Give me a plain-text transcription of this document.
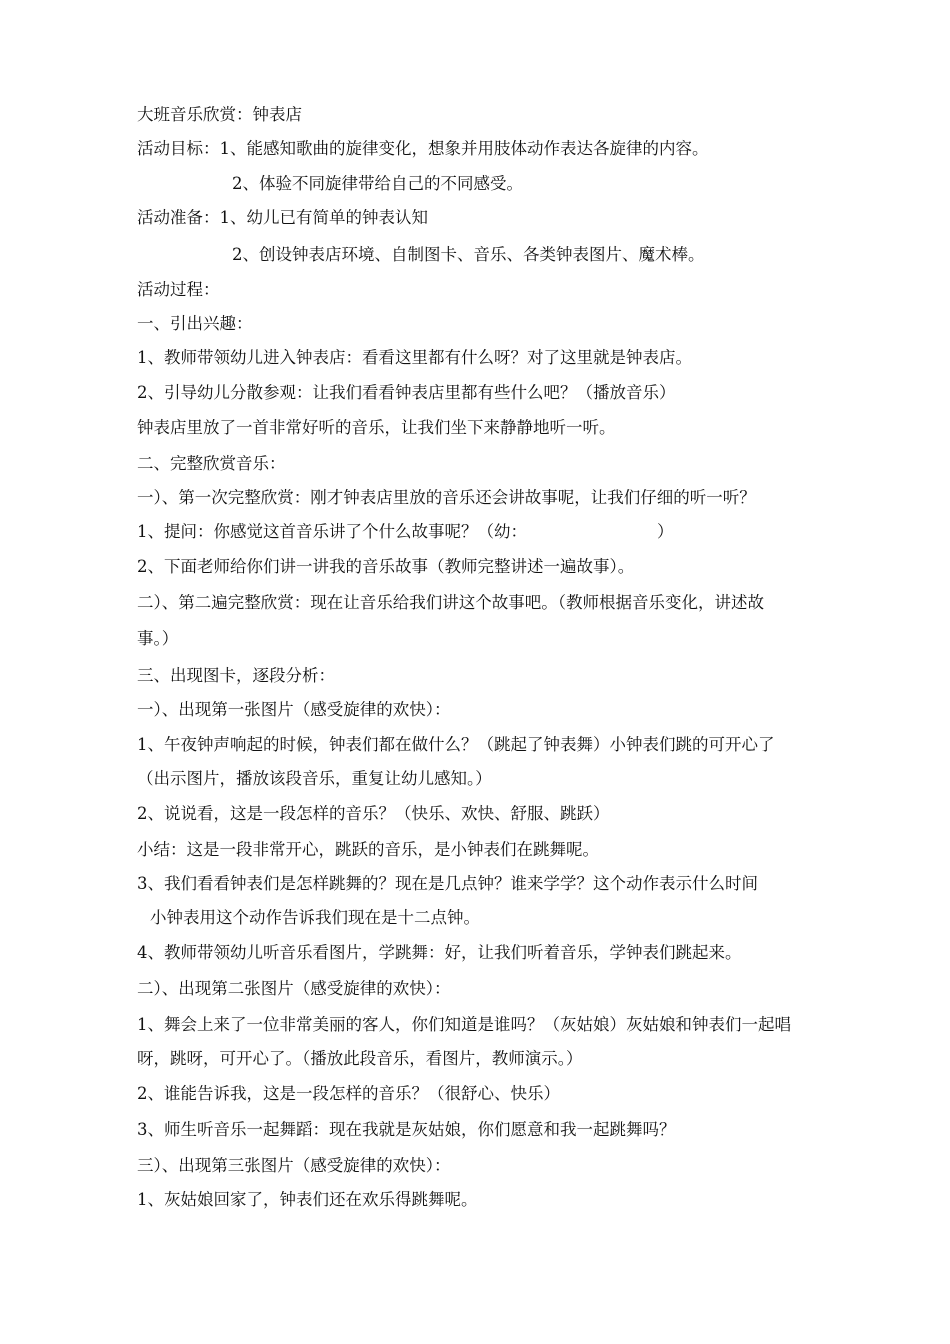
大班音乐欣赏：钟表店

活动目标：1、能感知歌曲的旋律变化，想象并用肢体动作表达各旋律的内容。

2、体验不同旋律带给自己的不同感受。

活动准备：1、幼儿已有简单的钟表认知

2、创设钟表店环境、自制图卡、音乐、各类钟表图片、魔术棒。

活动过程：

一、引出兴趣：

1、教师带领幼儿进入钟表店：看看这里都有什么呀？对了这里就是钟表店。

2、引导幼儿分散参观：让我们看看钟表店里都有些什么吧？（播放音乐）

钟表店里放了一首非常好听的音乐，让我们坐下来静静地听一听。

二、完整欣赏音乐：

一）、第一次完整欣赏：刚才钟表店里放的音乐还会讲故事呢，让我们仔细的听一听？

1、提问：你感觉这首音乐讲了个什么故事呢？（幼：	）

2、下面老师给你们讲一讲我的音乐故事（教师完整讲述一遍故事）。

二）、第二遍完整欣赏：现在让音乐给我们讲这个故事吧。（教师根据音乐变化，讲述故

事。）

三、出现图卡，逐段分析：

一）、出现第一张图片（感受旋律的欢快）：

1、午夜钟声响起的时候，钟表们都在做什么？（跳起了钟表舞）小钟表们跳的可开心了

（出示图片，播放该段音乐，重复让幼儿感知。）

2、说说看，这是一段怎样的音乐？（快乐、欢快、舒服、跳跃）

小结：这是一段非常开心，跳跃的音乐，是小钟表们在跳舞呢。

3、我们看看钟表们是怎样跳舞的？现在是几点钟？谁来学学？这个动作表示什么时间

小钟表用这个动作告诉我们现在是十二点钟。

4、教师带领幼儿听音乐看图片，学跳舞：好，让我们听着音乐，学钟表们跳起来。

二）、出现第二张图片（感受旋律的欢快）：

1、舞会上来了一位非常美丽的客人，你们知道是谁吗？（灰姑娘）灰姑娘和钟表们一起唱

呀，跳呀，可开心了。（播放此段音乐，看图片，教师演示。）

2、谁能告诉我，这是一段怎样的音乐？（很舒心、快乐）

3、师生听音乐一起舞蹈：现在我就是灰姑娘，你们愿意和我一起跳舞吗？

三）、出现第三张图片（感受旋律的欢快）：

1、灰姑娘回家了，钟表们还在欢乐得跳舞呢。
